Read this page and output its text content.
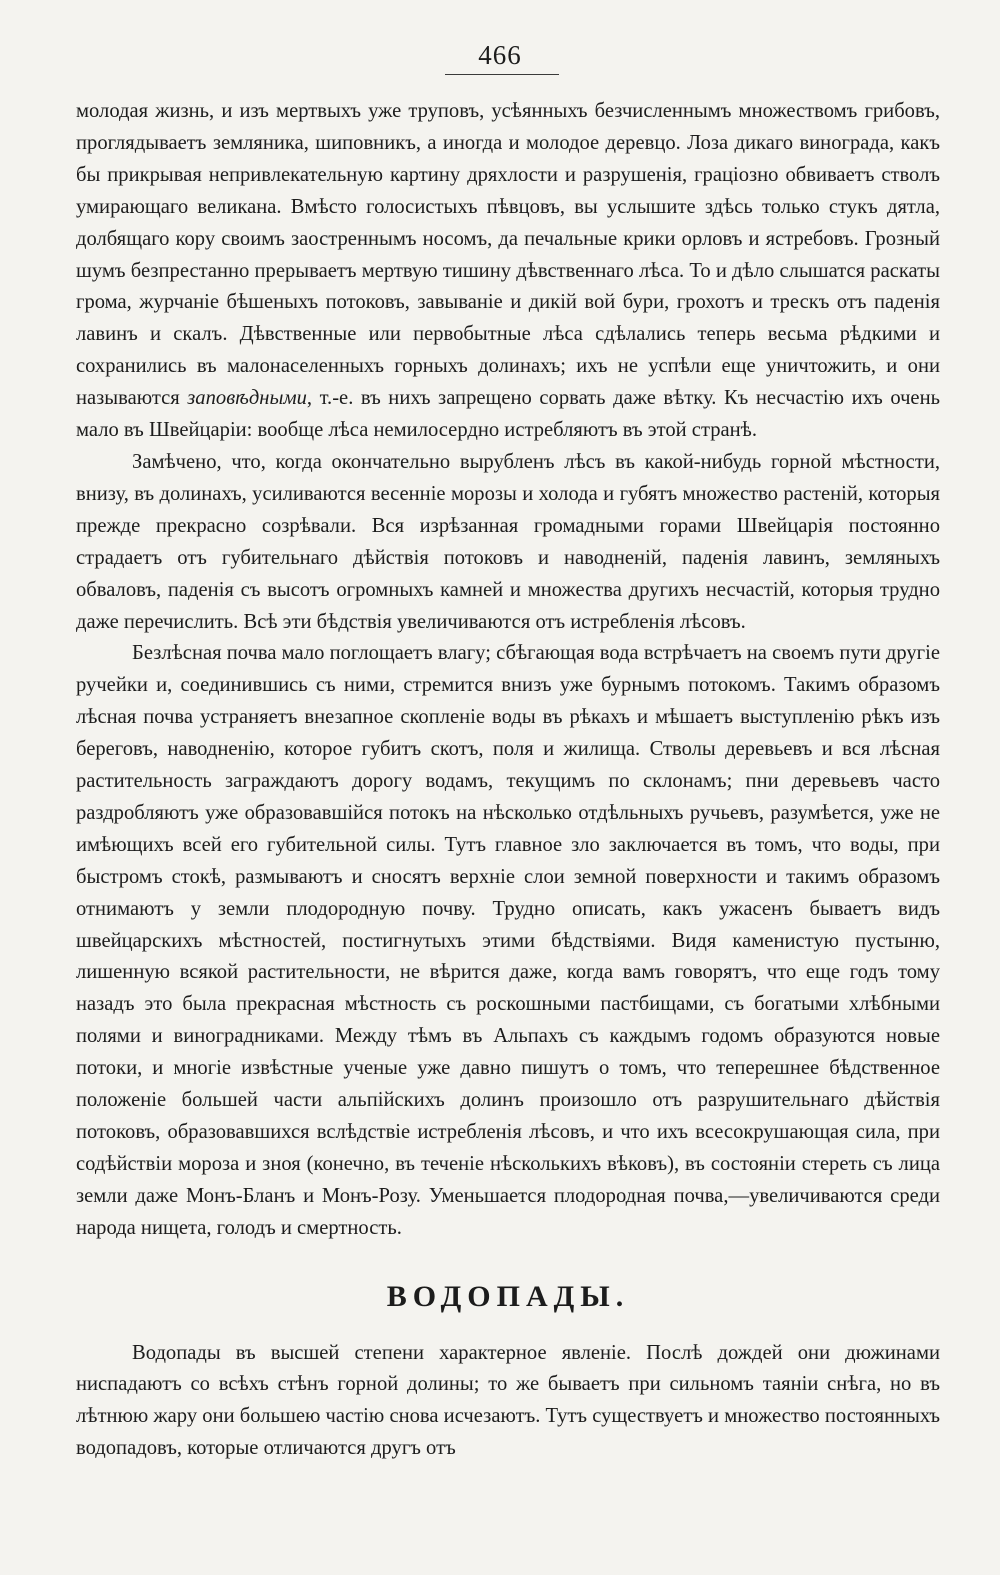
466

молодая жизнь, и изъ мертвыхъ уже труповъ, усѣянныхъ безчисленнымъ множествомъ грибовъ, проглядываетъ земляника, шиповникъ, а иногда и молодое деревцо. Лоза дикаго винограда, какъ бы прикрывая непривлекательную картину дряхлости и разрушенія, граціозно обвиваетъ стволъ умирающаго великана. Вмѣсто голосистыхъ пѣвцовъ, вы услышите здѣсь только стукъ дятла, долбящаго кору своимъ заостреннымъ носомъ, да печальные крики орловъ и ястребовъ. Грозный шумъ безпрестанно прерываетъ мертвую тишину дѣвственнаго лѣса. То и дѣло слышатся раскаты грома, журчаніе бѣшеныхъ потоковъ, завываніе и дикій вой бури, грохотъ и трескъ отъ паденія лавинъ и скалъ. Дѣвственные или первобытные лѣса сдѣлались теперь весьма рѣдкими и сохранились въ малонаселенныхъ горныхъ долинахъ; ихъ не успѣли еще уничтожить, и они называются заповѣдными, т.-е. въ нихъ запрещено сорвать даже вѣтку. Къ несчастію ихъ очень мало въ Швейцаріи: вообще лѣса немилосердно истребляютъ въ этой странѣ.

Замѣчено, что, когда окончательно вырубленъ лѣсъ въ какой-нибудь горной мѣстности, внизу, въ долинахъ, усиливаются весенніе морозы и холода и губятъ множество растеній, которыя прежде прекрасно созрѣвали. Вся изрѣзанная громадными горами Швейцарія постоянно страдаетъ отъ губительнаго дѣйствія потоковъ и наводненій, паденія лавинъ, земляныхъ обваловъ, паденія съ высотъ огромныхъ камней и множества другихъ несчастій, которыя трудно даже перечислить. Всѣ эти бѣдствія увеличиваются отъ истребленія лѣсовъ.

Безлѣсная почва мало поглощаетъ влагу; сбѣгающая вода встрѣчаетъ на своемъ пути другіе ручейки и, соединившись съ ними, стремится внизъ уже бурнымъ потокомъ. Такимъ образомъ лѣсная почва устраняетъ внезапное скопленіе воды въ рѣкахъ и мѣшаетъ выступленію рѣкъ изъ береговъ, наводненію, которое губитъ скотъ, поля и жилища. Стволы деревьевъ и вся лѣсная растительность заграждаютъ дорогу водамъ, текущимъ по склонамъ; пни деревьевъ часто раздробляютъ уже образовавшійся потокъ на нѣсколько отдѣльныхъ ручьевъ, разумѣется, уже не имѣющихъ всей его губительной силы. Тутъ главное зло заключается въ томъ, что воды, при быстромъ стокѣ, размываютъ и сносятъ верхніе слои земной поверхности и такимъ образомъ отнимаютъ у земли плодородную почву. Трудно описать, какъ ужасенъ бываетъ видъ швейцарскихъ мѣстностей, постигнутыхъ этими бѣдствіями. Видя каменистую пустыню, лишенную всякой растительности, не вѣрится даже, когда вамъ говорятъ, что еще годъ тому назадъ это была прекрасная мѣстность съ роскошными пастбищами, съ богатыми хлѣбными полями и виноградниками. Между тѣмъ въ Альпахъ съ каждымъ годомъ образуются новые потоки, и многіе извѣстные ученые уже давно пишутъ о томъ, что теперешнее бѣдственное положеніе большей части альпійскихъ долинъ произошло отъ разрушительнаго дѣйствія потоковъ, образовавшихся вслѣдствіе истребленія лѣсовъ, и что ихъ всесокрушающая сила, при содѣйствіи мороза и зноя (конечно, въ теченіе нѣсколькихъ вѣковъ), въ состояніи стереть съ лица земли даже Монъ-Бланъ и Монъ-Розу. Уменьшается плодородная почва,—увеличиваются среди народа нищета, голодъ и смертность.

ВОДОПАДЫ.

Водопады въ высшей степени характерное явленіе. Послѣ дождей они дюжинами ниспадаютъ со всѣхъ стѣнъ горной долины; то же бываетъ при сильномъ таяніи снѣга, но въ лѣтнюю жару они большею частію снова исчезаютъ. Тутъ существуетъ и множество постоянныхъ водопадовъ, которые отличаются другъ отъ
